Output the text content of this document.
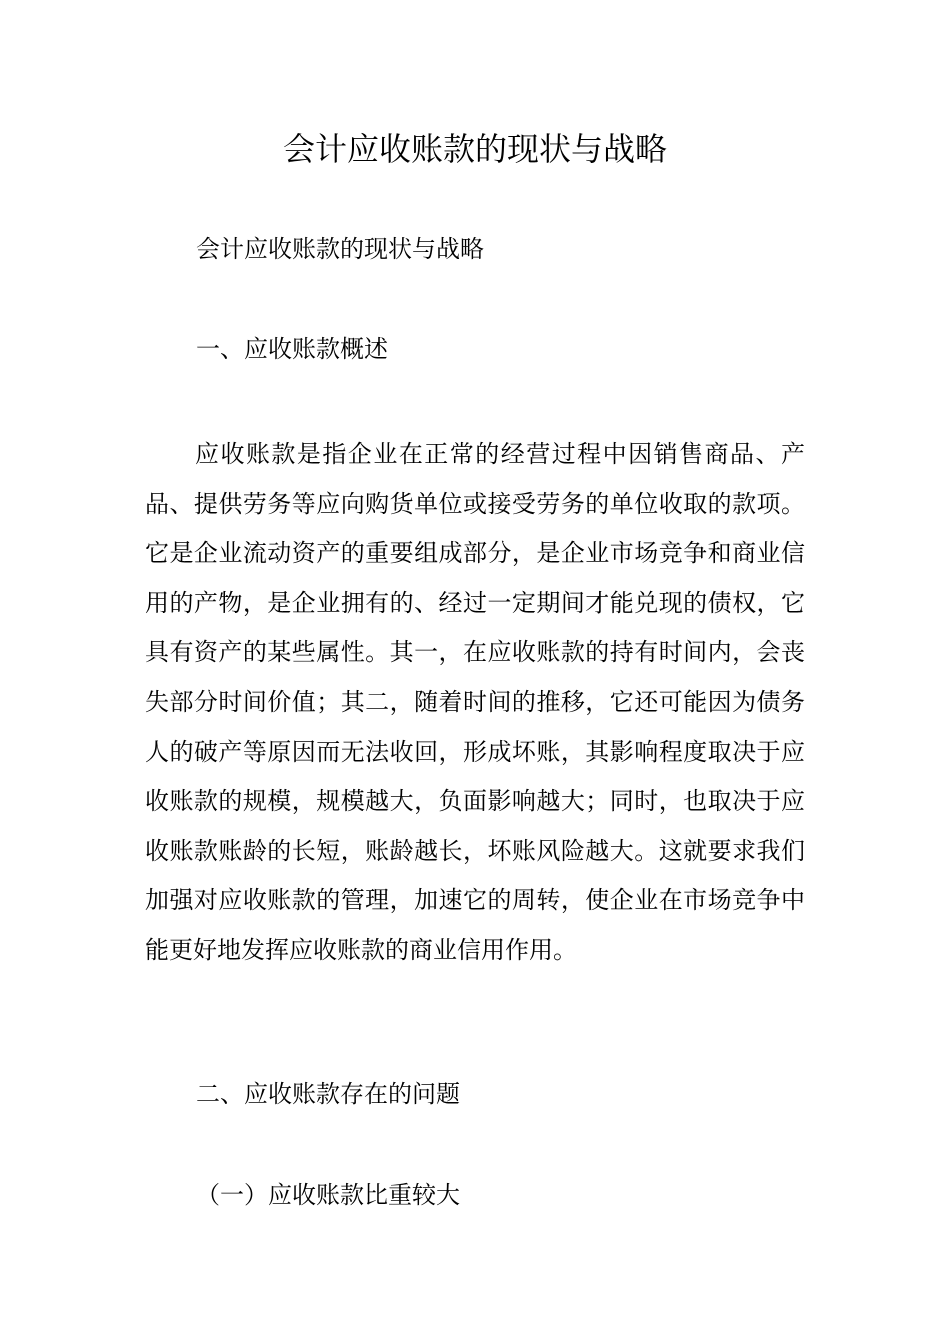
会计应收账款的现状与战略

会计应收账款的现状与战略

一、应收账款概述

应收账款是指企业在正常的经营过程中因销售商品、产品、提供劳务等应向购货单位或接受劳务的单位收取的款项。它是企业流动资产的重要组成部分，是企业市场竞争和商业信用的产物，是企业拥有的、经过一定期间才能兑现的债权，它具有资产的某些属性。其一，在应收账款的持有时间内，会丧失部分时间价值；其二，随着时间的推移，它还可能因为债务人的破产等原因而无法收回，形成坏账，其影响程度取决于应收账款的规模，规模越大，负面影响越大；同时，也取决于应收账款账龄的长短，账龄越长，坏账风险越大。这就要求我们加强对应收账款的管理，加速它的周转，使企业在市场竞争中能更好地发挥应收账款的商业信用作用。

二、应收账款存在的问题

（一）应收账款比重较大
